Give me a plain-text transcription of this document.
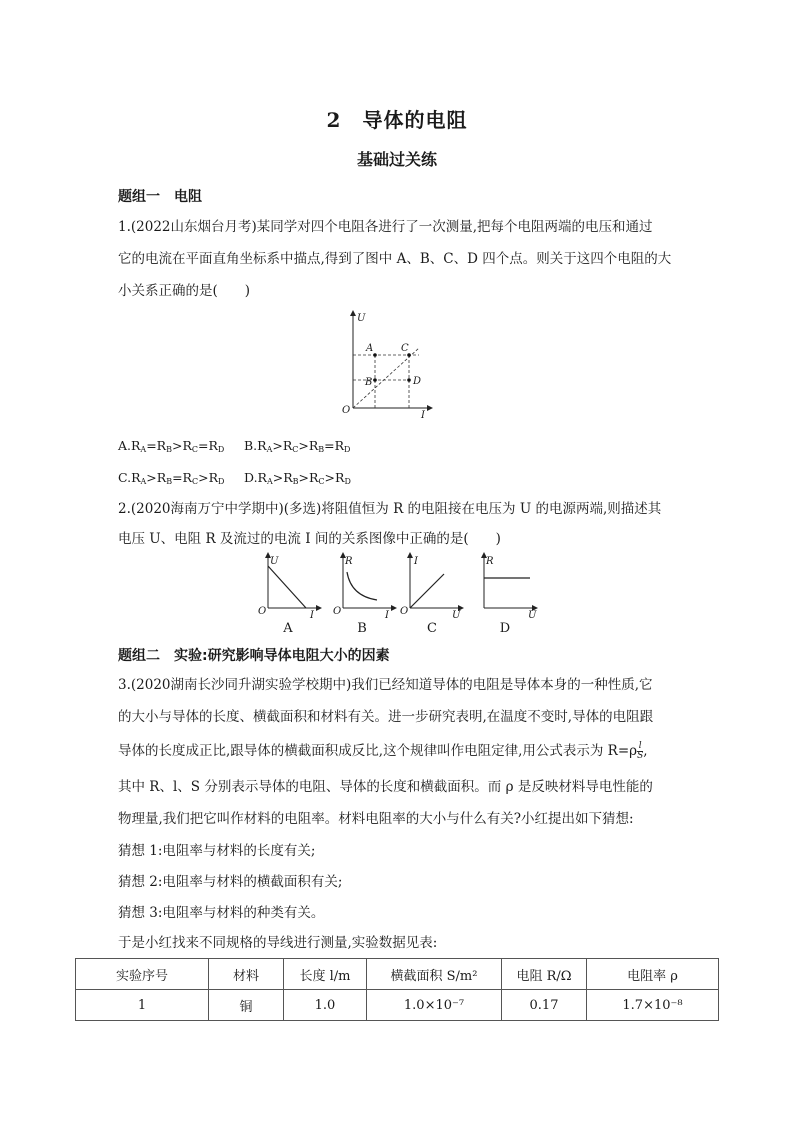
2　导体的电阻
基础过关练
题组一　电阻
1.(2022山东烟台月考)某同学对四个电阻各进行了一次测量,把每个电阻两端的电压和通过
它的电流在平面直角坐标系中描点,得到了图中 A、B、C、D 四个点。则关于这四个电阻的大
小关系正确的是(　　)
U
I
O
A
B
C
D
$A.R_A=R_B>R_C=R_D$ $B.R_A>R_C>R_B=R_D$
$C.R_A>R_B=R_C>R_D$ $D.R_A>R_B>R_C>R_D$
2.(2020海南万宁中学期中)(多选)将阻值恒为 R 的电阻接在电压为 U 的电源两端,则描述其
电压 U、电阻 R 及流过的电流 I 间的关系图像中正确的是(　　)
U
I
O
R
I
O
I
U
O
R
U
A	B	C	D
题组二　实验:研究影响导体电阻大小的因素
3.(2020湖南长沙同升湖实验学校期中)我们已经知道导体的电阻是导体本身的一种性质,它
的大小与导体的长度、横截面积和材料有关。进一步研究表明,在温度不变时,导体的电阻跟
导体的长度成正比,跟导体的横截面积成反比,这个规律叫作电阻定律,用公式表示为 $R=\rho \frac{l}{S}$ ,
其中 R、l、S 分别表示导体的电阻、导体的长度和横截面积。而 ρ 是反映材料导电性能的
物理量,我们把它叫作材料的电阻率。材料电阻率的大小与什么有关?小红提出如下猜想:
猜想 1:电阻率与材料的长度有关;
猜想 2:电阻率与材料的横截面积有关;
猜想 3:电阻率与材料的种类有关。
于是小红找来不同规格的导线进行测量,实验数据见表:
实验序号	材料	长度 l/m	横截面积 S/m²	电阻 R/Ω	电阻率 ρ
1	铜	1.0	1.0×10⁻⁷	0.17	1.7×10⁻⁸
